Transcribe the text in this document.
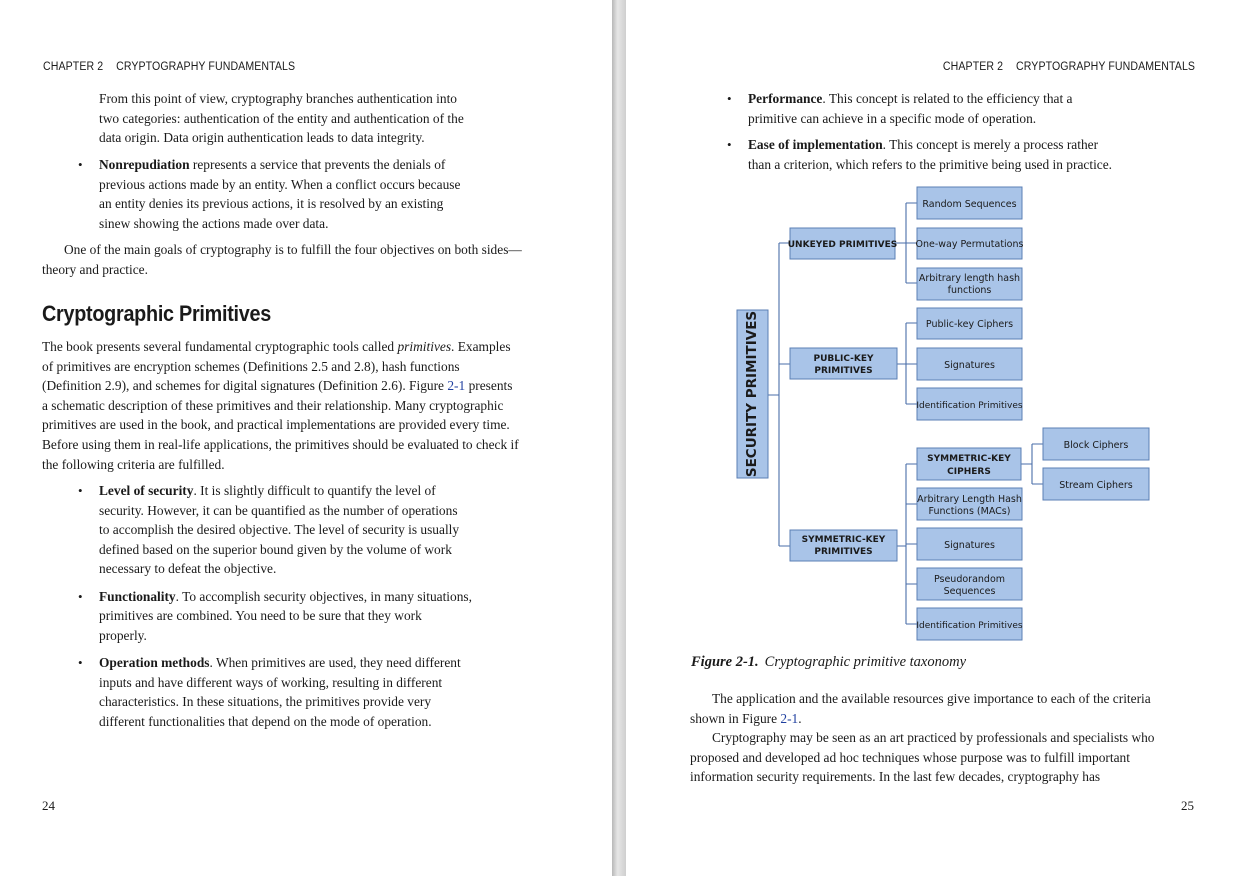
CHAPTER 2 CRYPTOGRAPHY FUNDAMENTALS

From this point of view, cryptography branches authentication into

two categories: authentication of the entity and authentication of the

data origin. Data origin authentication leads to data integrity.

• Nonrepudiation represents a service that prevents the denials of

previous actions made by an entity. When a conflict occurs because

an entity denies its previous actions, it is resolved by an existing

sinew showing the actions made over data.

One of the main goals of cryptography is to fulfill the four objectives on both sides—

theory and practice.

Cryptographic Primitives

The book presents several fundamental cryptographic tools called primitives. Examples

of primitives are encryption schemes (Definitions 2.5 and 2.8), hash functions

(Definition 2.9), and schemes for digital signatures (Definition 2.6). Figure 2-1 presents

a schematic description of these primitives and their relationship. Many cryptographic

primitives are used in the book, and practical implementations are provided every time.

Before using them in real-life applications, the primitives should be evaluated to check if

the following criteria are fulfilled.

• Level of security. It is slightly difficult to quantify the level of

security. However, it can be quantified as the number of operations

to accomplish the desired objective. The level of security is usually

defined based on the superior bound given by the volume of work

necessary to defeat the objective.

• Functionality. To accomplish security objectives, in many situations,

primitives are combined. You need to be sure that they work

properly.

• Operation methods. When primitives are used, they need different

inputs and have different ways of working, resulting in different

characteristics. In these situations, the primitives provide very

different functionalities that depend on the mode of operation.

24
CHAPTER 2 CRYPTOGRAPHY FUNDAMENTALS
25

• Performance. This concept is related to the efficiency that a

primitive can achieve in a specific mode of operation.

• Ease of implementation. This concept is merely a process rather

than a criterion, which refers to the primitive being used in practice.

SECURITY PRIMITIVES
UNKEYED PRIMITIVES
PUBLIC-KEY
PRIMITIVES
SYMMETRIC-KEY
PRIMITIVES
Random Sequences
One-way Permutations
Arbitrary length hash
functions
Public-key Ciphers
Signatures
Identification Primitives
SYMMETRIC-KEY
CIPHERS
Arbitrary Length Hash
Functions (MACs)
Signatures
Pseudorandom
Sequences
Identification Primitives
Block Ciphers
Stream Ciphers
Figure 2-1. Cryptographic primitive taxonomy

The application and the available resources give importance to each of the criteria

shown in Figure 2-1.

Cryptography may be seen as an art practiced by professionals and specialists who

proposed and developed ad hoc techniques whose purpose was to fulfill important

information security requirements. In the last few decades, cryptography has
